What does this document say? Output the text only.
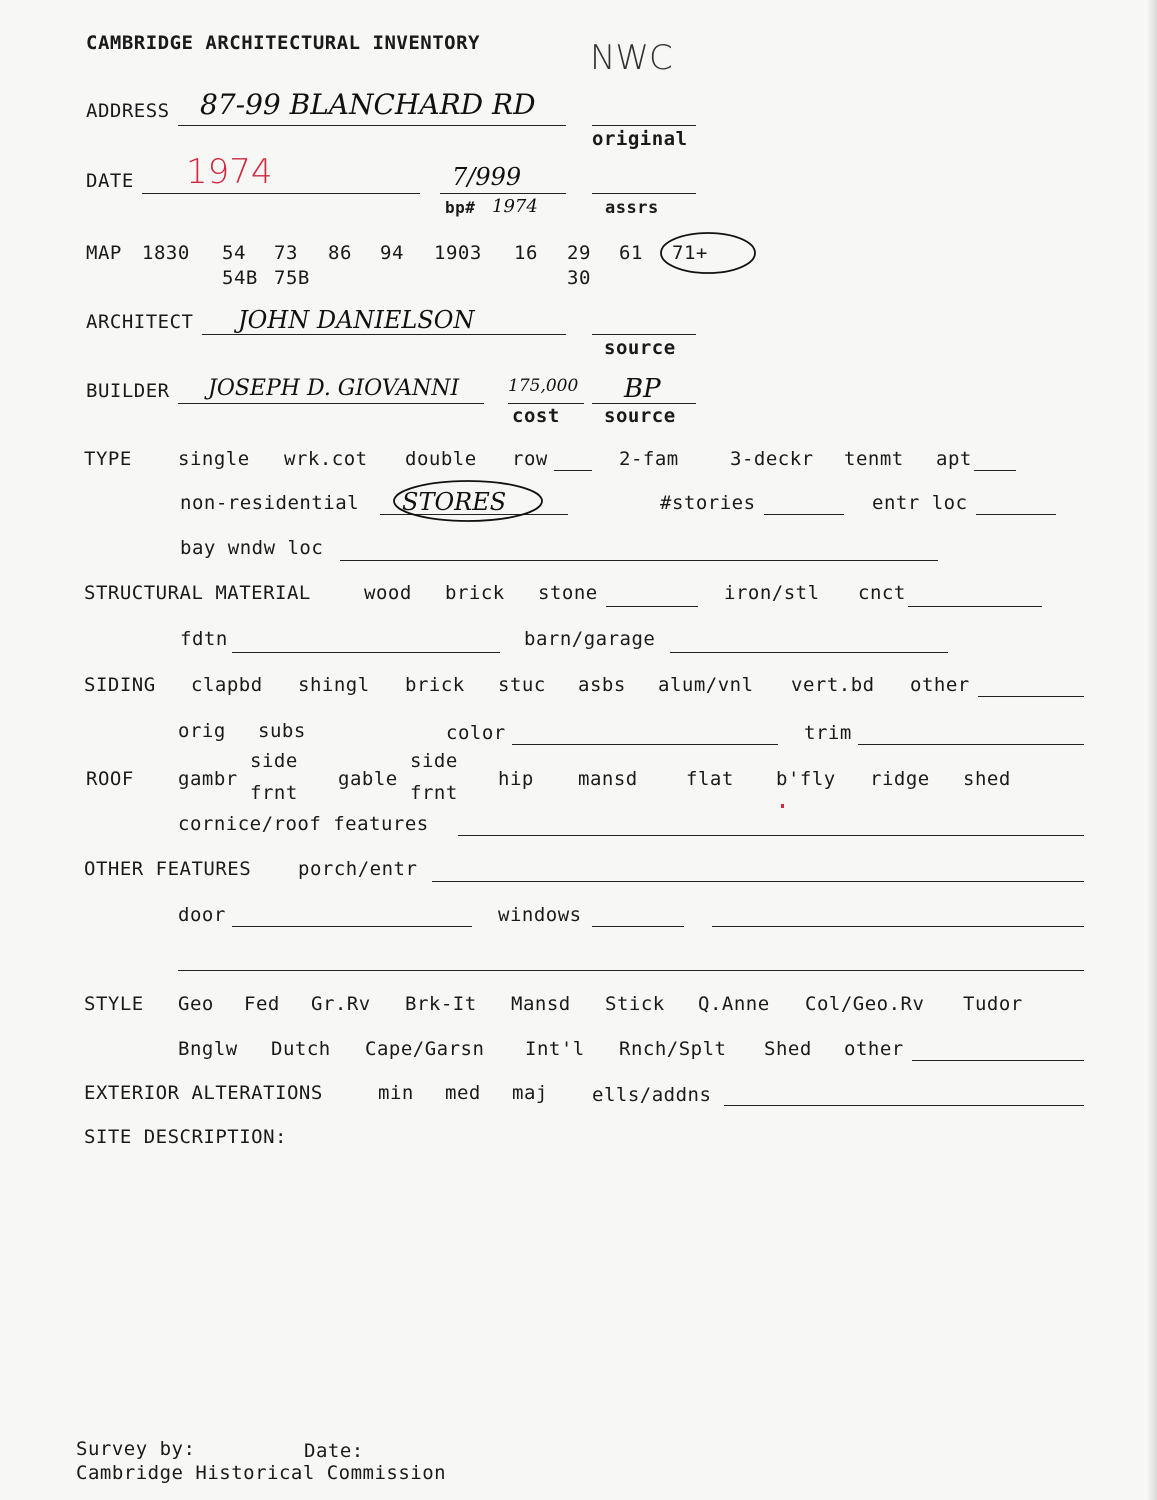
CAMBRIDGE ARCHITECTURAL INVENTORY	NWC
ADDRESS 87-99 BLANCHARD RD
original
DATE 1974	7/999
bp# 1974	assrs
MAP 1830 54 73 86 94 1903 16 29 61 71+
54B 75B	30
ARCHITECT JOHN DANIELSON
source
BUILDER JOSEPH D. GIOVANNI	175,000
cost
BP
source
TYPE single wrk.cot double row	2-fam	3-deckr tenmt apt
non-residential STORES	#stories	entr loc
bay wndw loc
STRUCTURAL MATERIAL	wood brick stone	iron/stl cnct
fdtn	barn/garage
SIDING clapbd shingl brick stuc asbs alum/vnl vert.bd other
orig subs	color	trim
ROOF gambr
side
frnt
gable
side
frnt
hip mansd	flat b'fly ridge shed
cornice/roof features
OTHER FEATURES porch/entr
door	windows
STYLE Geo Fed Gr.Rv Brk-It Mansd Stick Q.Anne Col/Geo.Rv Tudor
Bnglw Dutch Cape/Garsn Int'l Rnch/Splt Shed other
EXTERIOR ALTERATIONS	min med maj ells/addns
SITE DESCRIPTION:
Survey by:	Date:
Cambridge Historical Commission
